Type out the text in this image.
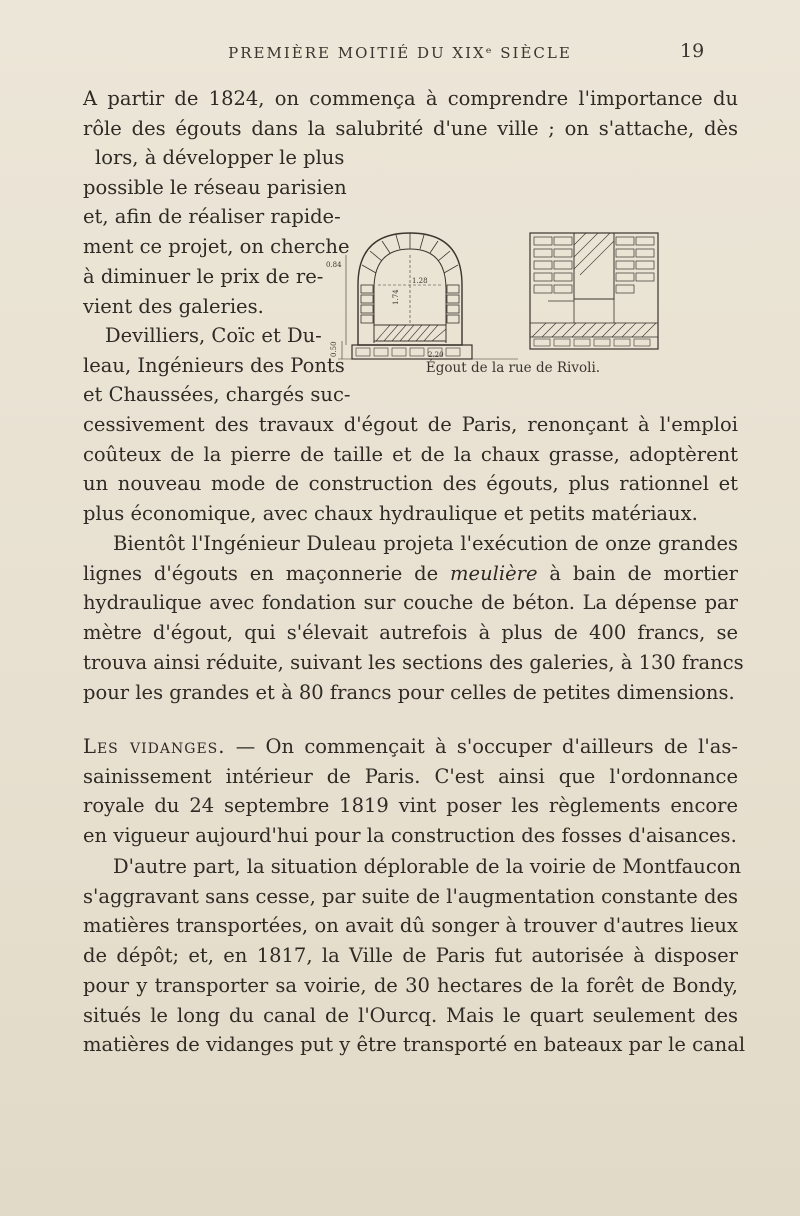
PREMIÈRE MOITIÉ DU XIXᵉ SIÈCLE	19
A partir de 1824, on commença à comprendre l'importance du
rôle des égouts dans la salubrité d'une ville ; on s'attache, dès
lors, à développer le plus
possible le réseau parisien
et, afin de réaliser rapide-
ment ce projet, on cherche
à diminuer le prix de re-
vient des galeries.
Devilliers, Coïc et Du-
leau, Ingénieurs des Ponts
et Chaussées, chargés suc-
0.84
1.28
1.74
0.50	2.20
Égout de la rue de Rivoli.
cessivement des travaux d'égout de Paris, renonçant à l'emploi
coûteux de la pierre de taille et de la chaux grasse, adoptèrent
un nouveau mode de construction des égouts, plus rationnel et
plus économique, avec chaux hydraulique et petits matériaux.
Bientôt l'Ingénieur Duleau projeta l'exécution de onze grandes
lignes d'égouts en maçonnerie de meulière à bain de mortier
hydraulique avec fondation sur couche de béton. La dépense par
mètre d'égout, qui s'élevait autrefois à plus de 400 francs, se
trouva ainsi réduite, suivant les sections des galeries, à 130 francs
pour les grandes et à 80 francs pour celles de petites dimensions.
Les vidanges. — On commençait à s'occuper d'ailleurs de l'as-
sainissement intérieur de Paris. C'est ainsi que l'ordonnance
royale du 24 septembre 1819 vint poser les règlements encore
en vigueur aujourd'hui pour la construction des fosses d'aisances.
D'autre part, la situation déplorable de la voirie de Montfaucon
s'aggravant sans cesse, par suite de l'augmentation constante des
matières transportées, on avait dû songer à trouver d'autres lieux
de dépôt; et, en 1817, la Ville de Paris fut autorisée à disposer
pour y transporter sa voirie, de 30 hectares de la forêt de Bondy,
situés le long du canal de l'Ourcq. Mais le quart seulement des
matières de vidanges put y être transporté en bateaux par le canal
